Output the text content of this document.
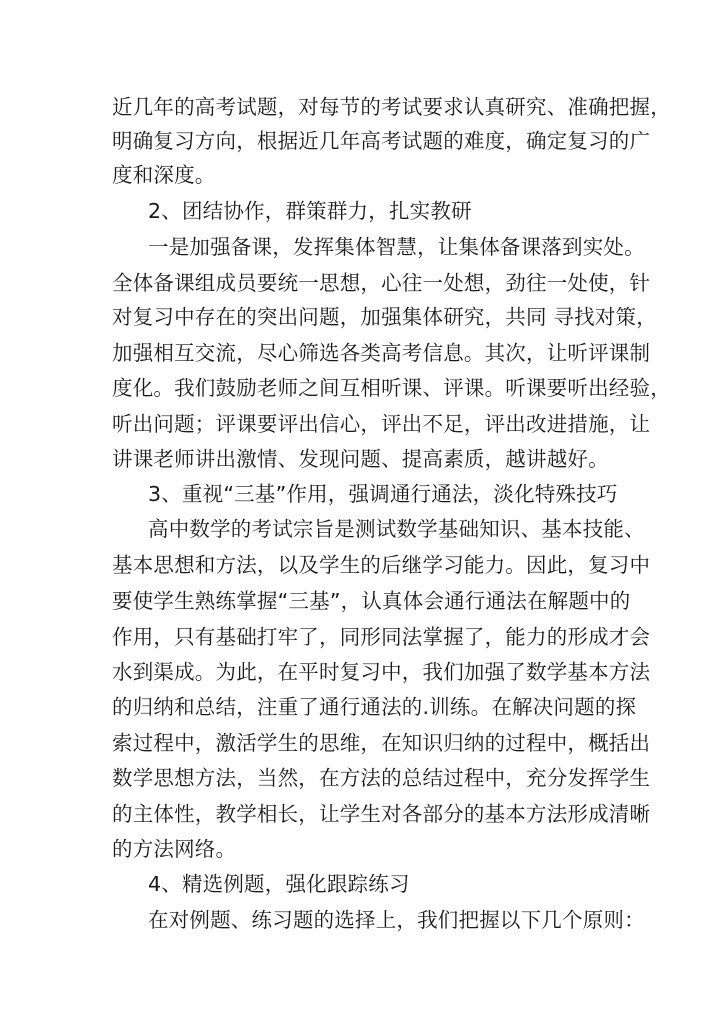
近几年的高考试题，对每节的考试要求认真研究、准确把握，
明确复习方向，根据近几年高考试题的难度，确定复习的广
度和深度。
2、团结协作，群策群力，扎实教研
一是加强备课，发挥集体智慧，让集体备课落到实处。
全体备课组成员要统一思想，心往一处想，劲往一处使，针
对复习中存在的突出问题，加强集体研究，共同 寻找对策，
加强相互交流，尽心筛选各类高考信息。其次，让听评课制
度化。我们鼓励老师之间互相听课、评课。听课要听出经验，
听出问题；评课要评出信心，评出不足，评出改进措施，让
讲课老师讲出激情、发现问题、提高素质，越讲越好。
3、重视“三基”作用，强调通行通法，淡化特殊技巧
高中数学的考试宗旨是测试数学基础知识、基本技能、
基本思想和方法，以及学生的后继学习能力。因此，复习中
要使学生熟练掌握“三基”，认真体会通行通法在解题中的
作用，只有基础打牢了，同形同法掌握了，能力的形成才会
水到渠成。为此，在平时复习中，我们加强了数学基本方法
的归纳和总结，注重了通行通法的.训练。在解决问题的探
索过程中，激活学生的思维，在知识归纳的过程中，概括出
数学思想方法，当然，在方法的总结过程中，充分发挥学生
的主体性，教学相长，让学生对各部分的基本方法形成清晰
的方法网络。
4、精选例题，强化跟踪练习
在对例题、练习题的选择上，我们把握以下几个原则：
